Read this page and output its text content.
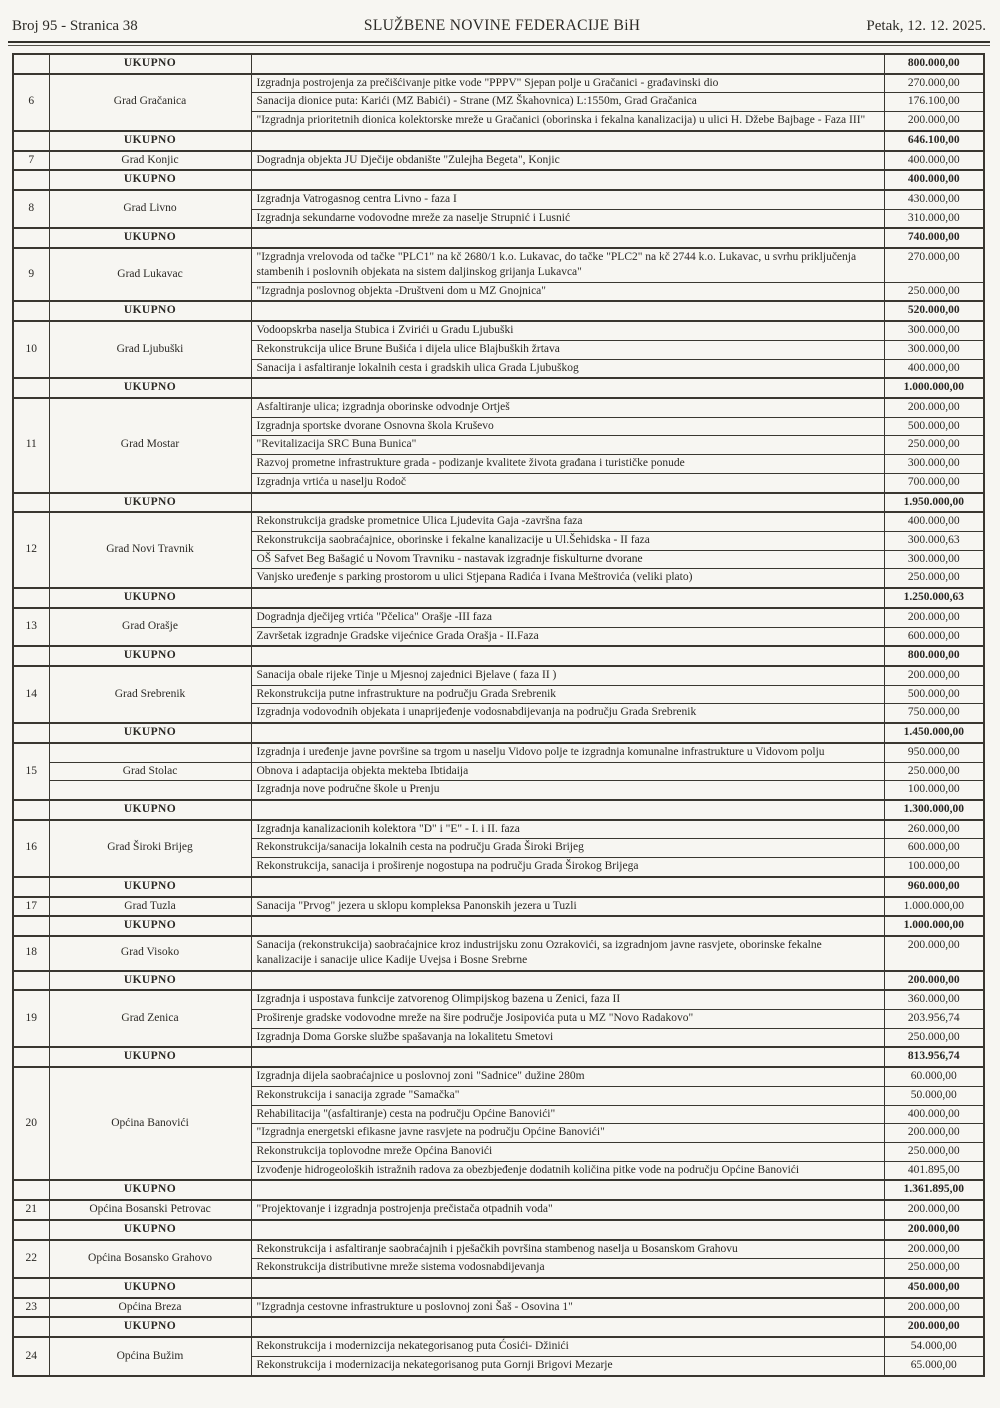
Broj 95 - Stranica 38	SLUŽBENE NOVINE FEDERACIJE BiH	Petak, 12. 12. 2025.
	UKUPNO		800.000,00
6	Grad Gračanica	Izgradnja postrojenja za prečišćivanje pitke vode "PPPV" Sjepan polje u Gračanici - građavinski dio	270.000,00
		Sanacija dionice puta: Karići (MZ Babići) - Strane (MZ Škahovnica) L:1550m, Grad Gračanica	176.100,00
		"Izgradnja prioritetnih dionica kolektorske mreže u Gračanici (oborinska i fekalna kanalizacija) u ulici H. Džebe Bajbage - Faza III"	200.000,00
	UKUPNO		646.100,00
7	Grad Konjic	Dogradnja objekta JU Dječije obdanište "Zulejha Begeta", Konjic	400.000,00
	UKUPNO		400.000,00
8	Grad Livno	Izgradnja Vatrogasnog centra Livno - faza I	430.000,00
		Izgradnja sekundarne vodovodne mreže za naselje Strupnić i Lusnić	310.000,00
	UKUPNO		740.000,00
9	Grad Lukavac	"Izgradnja vrelovoda od tačke "PLC1" na kč 2680/1 k.o. Lukavac, do tačke "PLC2" na kč 2744 k.o. Lukavac, u svrhu priključenja stambenih i poslovnih objekata na sistem daljinskog grijanja Lukavca"	270.000,00
		"Izgradnja poslovnog objekta -Društveni dom u MZ Gnojnica"	250.000,00
	UKUPNO		520.000,00
10	Grad Ljubuški	Vodoopskrba naselja Stubica i Zvirići u Gradu Ljubuški	300.000,00
		Rekonstrukcija ulice Brune Bušića i dijela ulice Blajbuških žrtava	300.000,00
		Sanacija i asfaltiranje lokalnih cesta i gradskih ulica Grada Ljubuškog	400.000,00
	UKUPNO		1.000.000,00
11	Grad Mostar	Asfaltiranje ulica; izgradnja oborinske odvodnje Ortješ	200.000,00
		Izgradnja sportske dvorane Osnovna škola Kruševo	500.000,00
		"Revitalizacija SRC Buna Bunica"	250.000,00
		Razvoj prometne infrastrukture grada - podizanje kvalitete života građana i turističke ponude	300.000,00
		Izgradnja vrtića u naselju Rodoč	700.000,00
	UKUPNO		1.950.000,00
12	Grad Novi Travnik	Rekonstrukcija gradske prometnice Ulica Ljudevita Gaja -završna faza	400.000,00
		Rekonstrukcija saobraćajnice, oborinske i fekalne kanalizacije u Ul.Šehidska - II faza	300.000,63
		OŠ Safvet Beg Bašagić u Novom Travniku - nastavak izgradnje fiskulturne dvorane	300.000,00
		Vanjsko uređenje s parking prostorom u ulici Stjepana Radića i Ivana Meštrovića (veliki plato)	250.000,00
	UKUPNO		1.250.000,63
13	Grad Orašje	Dogradnja dječijeg vrtića "Pčelica" Orašje -III faza	200.000,00
		Završetak izgradnje Gradske vijećnice Grada Orašja - II.Faza	600.000,00
	UKUPNO		800.000,00
14	Grad Srebrenik	Sanacija obale rijeke Tinje u Mjesnoj zajednici Bjelave ( faza II )	200.000,00
		Rekonstrukcija putne infrastrukture na području Grada Srebrenik	500.000,00
		Izgradnja vodovodnih objekata i unaprijeđenje vodosnabdijevanja na području Grada Srebrenik	750.000,00
	UKUPNO		1.450.000,00
15		Izgradnja i uređenje javne površine sa trgom u naselju Vidovo polje te izgradnja komunalne infrastrukture u Vidovom polju	950.000,00
	Grad Stolac	Obnova i adaptacija objekta mekteba Ibtidaija	250.000,00
		Izgradnja nove područne škole u Prenju	100.000,00
	UKUPNO		1.300.000,00
16	Grad Široki Brijeg	Izgradnja kanalizacionih kolektora "D" i "E" - I. i II. faza	260.000,00
		Rekonstrukcija/sanacija lokalnih cesta na području Grada Široki Brijeg	600.000,00
		Rekonstrukcija, sanacija i proširenje nogostupa na području Grada Širokog Brijega	100.000,00
	UKUPNO		960.000,00
17	Grad Tuzla	Sanacija "Prvog" jezera u sklopu kompleksa Panonskih jezera u Tuzli	1.000.000,00
	UKUPNO		1.000.000,00
18	Grad Visoko	Sanacija (rekonstrukcija) saobraćajnice kroz industrijsku zonu Ozrakovići, sa izgradnjom javne rasvjete, oborinske fekalne kanalizacije i sanacije ulice Kadije Uvejsa i Bosne Srebrne	200.000,00
	UKUPNO		200.000,00
19	Grad Zenica	Izgradnja i uspostava funkcije zatvorenog Olimpijskog bazena u Zenici, faza II	360.000,00
		Proširenje gradske vodovodne mreže na šire područje Josipovića puta u MZ "Novo Radakovo"	203.956,74
		Izgradnja Doma Gorske službe spašavanja na lokalitetu Smetovi	250.000,00
	UKUPNO		813.956,74
20	Općina Banovići	Izgradnja dijela saobraćajnice u poslovnoj zoni "Sadnice" dužine 280m	60.000,00
		Rekonstrukcija i sanacija zgrade "Samačka"	50.000,00
		Rehabilitacija "(asfaltiranje) cesta na području Općine Banovići"	400.000,00
		"Izgradnja energetski efikasne javne rasvjete na području Općine Banovići"	200.000,00
		Rekonstrukcija toplovodne mreže Općina Banovići	250.000,00
		Izvođenje hidrogeoloških istražnih radova za obezbjeđenje dodatnih količina pitke vode na području Općine Banovići	401.895,00
	UKUPNO		1.361.895,00
21	Općina Bosanski Petrovac	"Projektovanje i izgradnja postrojenja prečistača otpadnih voda"	200.000,00
	UKUPNO		200.000,00
22	Općina Bosansko Grahovo	Rekonstrukcija i asfaltiranje saobraćajnih i pješačkih površina stambenog naselja u Bosanskom Grahovu	200.000,00
		Rekonstrukcija distributivne mreže sistema vodosnabdijevanja	250.000,00
	UKUPNO		450.000,00
23	Općina Breza	"Izgradnja cestovne infrastrukture u poslovnoj zoni Šaš - Osovina 1"	200.000,00
	UKUPNO		200.000,00
24	Općina Bužim	Rekonstrukcija i modernizcija nekategorisanog puta Ćosići- Džinići	54.000,00
		Rekonstrukcija i modernizacija nekategorisanog puta Gornji Brigovi Mezarje	65.000,00
